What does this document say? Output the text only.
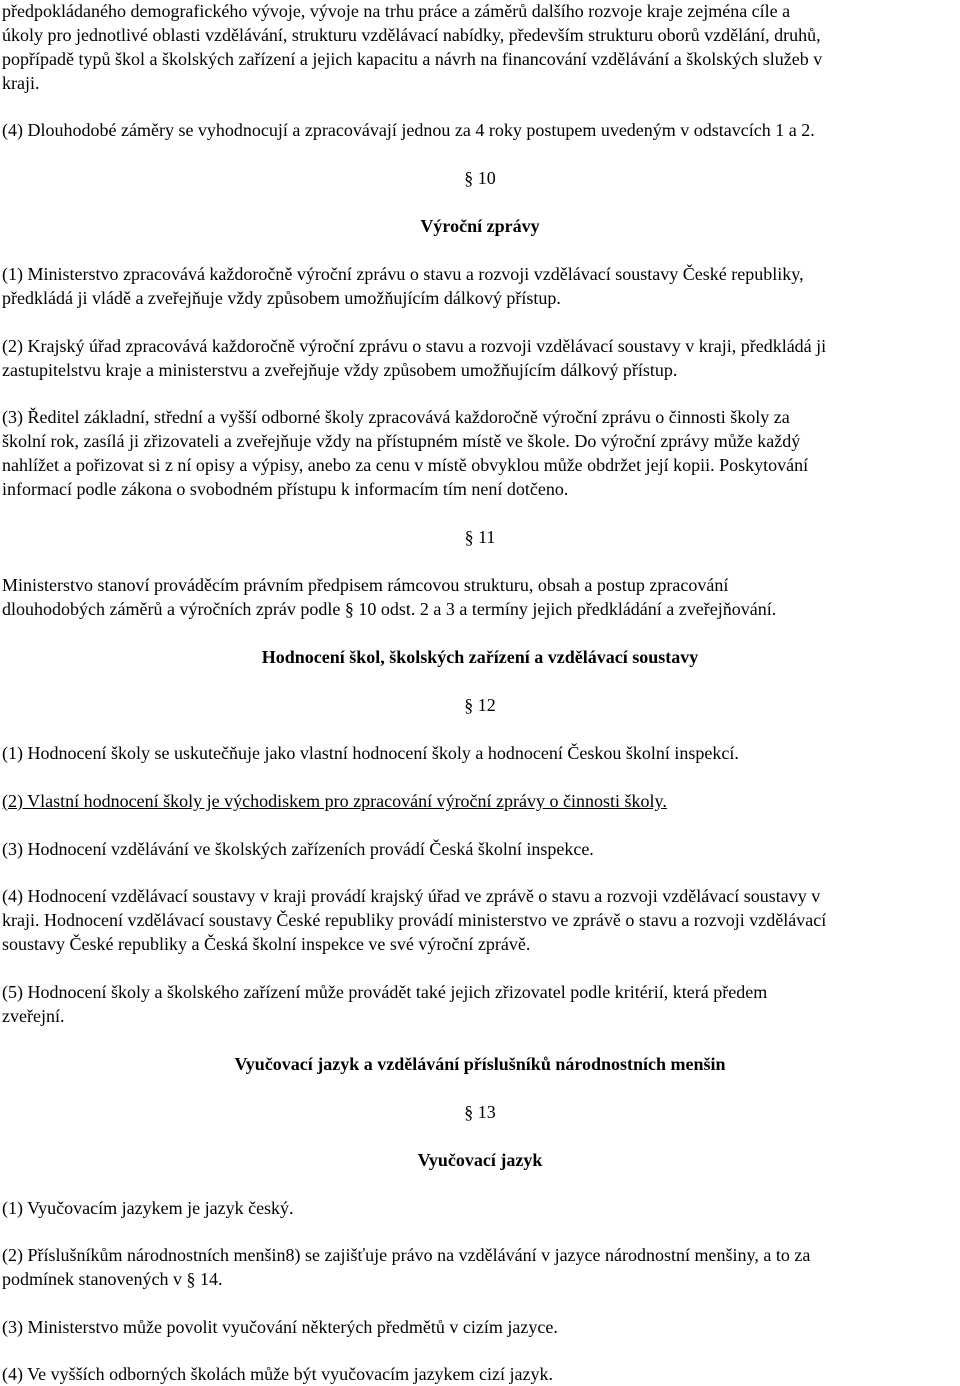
předpokládaného demografického vývoje, vývoje na trhu práce a záměrů dalšího rozvoje kraje zejména cíle a
úkoly pro jednotlivé oblasti vzdělávání, strukturu vzdělávací nabídky, především strukturu oborů vzdělání, druhů,
popřípadě typů škol a školských zařízení a jejich kapacitu a návrh na financování vzdělávání a školských služeb v
kraji.
(4) Dlouhodobé záměry se vyhodnocují a zpracovávají jednou za 4 roky postupem uvedeným v odstavcích 1 a 2.

§ 10

Výroční zprávy

(1) Ministerstvo zpracovává každoročně výroční zprávu o stavu a rozvoji vzdělávací soustavy České republiky,
předkládá ji vládě a zveřejňuje vždy způsobem umožňujícím dálkový přístup.
(2) Krajský úřad zpracovává každoročně výroční zprávu o stavu a rozvoji vzdělávací soustavy v kraji, předkládá ji
zastupitelstvu kraje a ministerstvu a zveřejňuje vždy způsobem umožňujícím dálkový přístup.
(3) Ředitel základní, střední a vyšší odborné školy zpracovává každoročně výroční zprávu o činnosti školy za
školní rok, zasílá ji zřizovateli a zveřejňuje vždy na přístupném místě ve škole. Do výroční zprávy může každý
nahlížet a pořizovat si z ní opisy a výpisy, anebo za cenu v místě obvyklou může obdržet její kopii. Poskytování
informací podle zákona o svobodném přístupu k informacím tím není dotčeno.

§ 11

Ministerstvo stanoví prováděcím právním předpisem rámcovou strukturu, obsah a postup zpracování
dlouhodobých záměrů a výročních zpráv podle § 10 odst. 2 a 3 a termíny jejich předkládání a zveřejňování.

Hodnocení škol, školských zařízení a vzdělávací soustavy

§ 12

(1) Hodnocení školy se uskutečňuje jako vlastní hodnocení školy a hodnocení Českou školní inspekcí.
(2) Vlastní hodnocení školy je východiskem pro zpracování výroční zprávy o činnosti školy.
(3) Hodnocení vzdělávání ve školských zařízeních provádí Česká školní inspekce.
(4) Hodnocení vzdělávací soustavy v kraji provádí krajský úřad ve zprávě o stavu a rozvoji vzdělávací soustavy v
kraji. Hodnocení vzdělávací soustavy České republiky provádí ministerstvo ve zprávě o stavu a rozvoji vzdělávací
soustavy České republiky a Česká školní inspekce ve své výroční zprávě.
(5) Hodnocení školy a školského zařízení může provádět také jejich zřizovatel podle kritérií, která předem
zveřejní.

Vyučovací jazyk a vzdělávání příslušníků národnostních menšin

§ 13

Vyučovací jazyk

(1) Vyučovacím jazykem je jazyk český.
(2) Příslušníkům národnostních menšin8) se zajišťuje právo na vzdělávání v jazyce národnostní menšiny, a to za
podmínek stanovených v § 14.
(3) Ministerstvo může povolit vyučování některých předmětů v cizím jazyce.
(4) Ve vyšších odborných školách může být vyučovacím jazykem cizí jazyk.
